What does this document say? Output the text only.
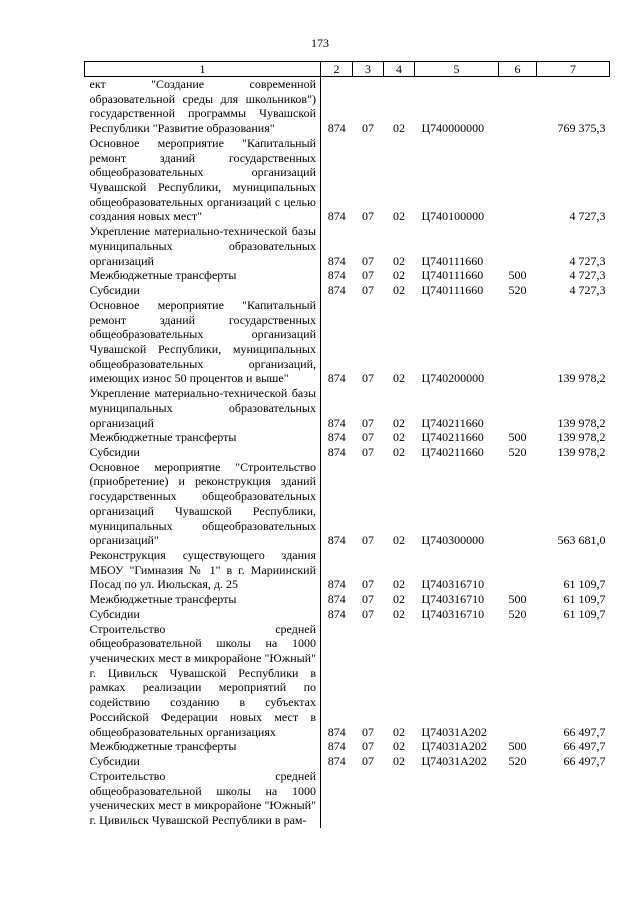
173
1	2	3	4	5	6	7
ект "Создание современной образовательной среды для школьников") государственной программы Чувашской Республики "Развитие образования"	874	07	02	Ц740000000		769 375,3
Основное мероприятие "Капитальный ремонт зданий государственных общеобразовательных организаций Чувашской Республики, муниципальных общеобразовательных организаций с целью создания новых мест"	874	07	02	Ц740100000		4 727,3
Укрепление материально-технической базы муниципальных образовательных организаций	874	07	02	Ц740111660		4 727,3
Межбюджетные трансферты	874	07	02	Ц740111660	500	4 727,3
Субсидии	874	07	02	Ц740111660	520	4 727,3
Основное мероприятие "Капитальный ремонт зданий государственных общеобразовательных организаций Чувашской Республики, муниципальных общеобразовательных организаций, имеющих износ 50 процентов и выше"	874	07	02	Ц740200000		139 978,2
Укрепление материально-технической базы муниципальных образовательных организаций	874	07	02	Ц740211660		139 978,2
Межбюджетные трансферты	874	07	02	Ц740211660	500	139 978,2
Субсидии	874	07	02	Ц740211660	520	139 978,2
Основное мероприятие "Строительство (приобретение) и реконструкция зданий государственных общеобразовательных организаций Чувашской Республики, муниципальных общеобразовательных организаций"	874	07	02	Ц740300000		563 681,0
Реконструкция существующего здания МБОУ "Гимназия № 1" в г. Мариинский Посад по ул. Июльская, д. 25	874	07	02	Ц740316710		61 109,7
Межбюджетные трансферты	874	07	02	Ц740316710	500	61 109,7
Субсидии	874	07	02	Ц740316710	520	61 109,7
Строительство средней общеобразовательной школы на 1000 ученических мест в микрорайоне "Южный" г. Цивильск Чувашской Республики в рамках реализации мероприятий по содействию созданию в субъектах Российской Федерации новых мест в общеобразовательных организациях	874	07	02	Ц74031А202		66 497,7
Межбюджетные трансферты	874	07	02	Ц74031А202	500	66 497,7
Субсидии	874	07	02	Ц74031А202	520	66 497,7
Строительство средней общеобразовательной школы на 1000 ученических мест в микрорайоне "Южный" г. Цивильск Чувашской Республики в рам-						
